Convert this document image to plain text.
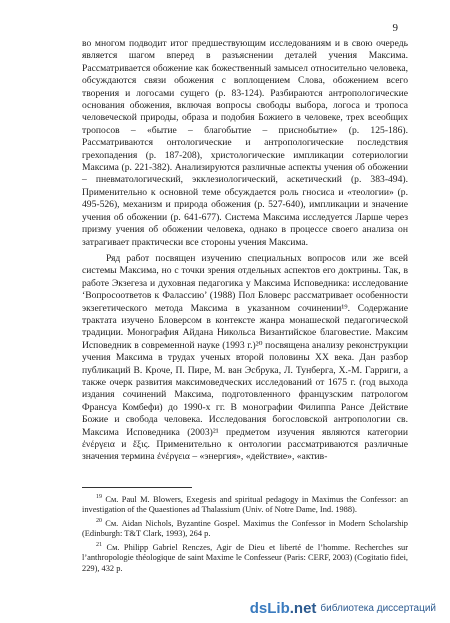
9

во многом подводит итог предшествующим исследованиям и в свою очередь является шагом вперед в разъяснении деталей учения Максима. Рассматривается обожение как божественный замысел относительно человека, обсуждаются связи обожения с воплощением Слова, обожением всего творения и логосами сущего (p. 83-124). Разбираются антропологические основания обожения, включая вопросы свободы выбора, логоса и тропоса человеческой природы, образа и подобия Божиего в человеке, трех всеобщих тропосов – «бытие – благобытие – приснобытие» (p. 125-186). Рассматриваются онтологические и антропологические последствия грехопадения (p. 187-208), христологические импликации сотериологии Максима (p. 221-382). Анализируются различные аспекты учения об обожении – пневматологический, экклезиологический, аскетический (p. 383-494). Применительно к основной теме обсуждается роль гносиса и «теологии» (p. 495-526), механизм и природа обожения (p. 527-640), импликации и значение учения об обожении (p. 641-677). Система Максима исследуется Ларше через призму учения об обожении человека, однако в процессе своего анализа он затрагивает практически все стороны учения Максима.

Ряд работ посвящен изучению специальных вопросов или же всей системы Максима, но с точки зрения отдельных аспектов его доктрины. Так, в работе Экзегеза и духовная педагогика у Максима Исповедника: исследование ‘Вопросоответов к Фалассию’ (1988) Пол Бловерс рассматривает особенности экзегетического метода Максима в указанном сочинении¹⁹. Содержание трактата изучено Бловерсом в контексте жанра монашеской педагогической традиции. Монография Айдана Никольса Византийское благовестие. Максим Исповедник в современной науке (1993 г.)²⁰ посвящена анализу реконструкции учения Максима в трудах ученых второй половины ХХ века. Дан разбор публикаций В. Кроче, П. Пире, М. ван Эсбрука, Л. Тунберга, Х.-М. Гарриги, а также очерк развития максимоведческих исследований от 1675 г. (год выхода издания сочинений Максима, подготовленного французским патрологом Франсуа Комбефи) до 1990-х гг. В монографии Филиппа Ранcе Действие Божие и свобода человека. Исследования богословской антропологии св. Максима Исповедника (2003)²¹ предметом изучения являются категории ἐνέργεια и ἕξις. Применительно к онтологии рассматриваются различные значения термина ἐνέργεια – «энергия», «действие», «актив-

$^{19}$ См. Paul M. Blowers, Exegesis and spiritual pedagogy in Maximus the Confessor: an investigation of the Quaestiones ad Thalassium (Univ. of Notre Dame, Ind. 1988).

$^{20}$ См. Aidan Nichols, Byzantine Gospel. Maximus the Confessor in Modern Scholarship (Edinburgh: T&T Clark, 1993), 264 p.

$^{21}$ См. Philipp Gabriel Renczes, Agir de Dieu et liberté de l’homme. Recherches sur l’anthropologie théologique de saint Maxime le Confesseur (Paris: CERF, 2003) (Cogitatio fidei, 229), 432 p.

dsLib.net библиотека диссертаций
